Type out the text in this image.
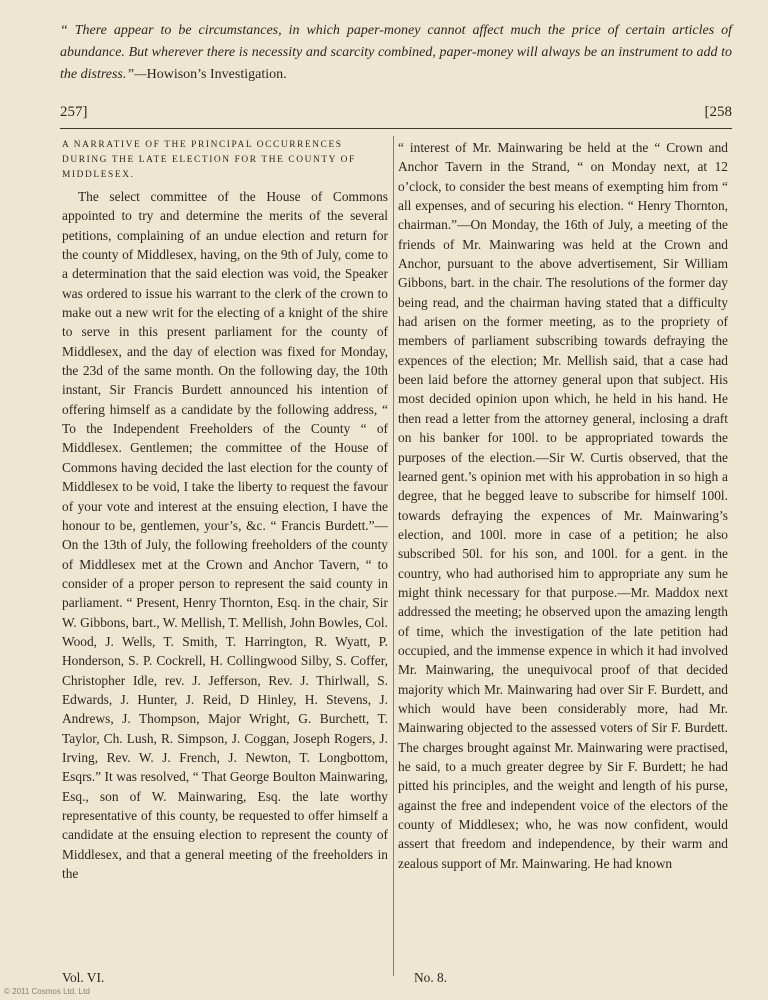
“ There appear to be circumstances, in which paper-money cannot affect much the price of certain articles of abundance. But wherever there is necessity and scarcity combined, paper-money will always be an instrument to add to the distress.”—Howison’s Investigation.
257]	[258

A NARRATIVE OF THE PRINCIPAL OCCURRENCES DURING THE LATE ELECTION FOR THE COUNTY OF MIDDLESEX.

The select committee of the House of Commons appointed to try and determine the merits of the several petitions, complaining of an undue election and return for the county of Middlesex, having, on the 9th of July, come to a determination that the said election was void, the Speaker was ordered to issue his warrant to the clerk of the crown to make out a new writ for the electing of a knight of the shire to serve in this present parliament for the county of Middlesex, and the day of election was fixed for Monday, the 23d of the same month. On the following day, the 10th instant, Sir Francis Burdett announced his intention of offering himself as a candidate by the following address, “ To the Independent Freeholders of the County “ of Middlesex. Gentlemen; the committee of the House of Commons having decided the last election for the county of Middlesex to be void, I take the liberty to request the favour of your vote and interest at the ensuing election, I have the honour to be, gentlemen, your’s, &c. “ Francis Burdett.”—On the 13th of July, the following freeholders of the county of Middlesex met at the Crown and Anchor Tavern, “ to consider of a proper person to represent the said county in parliament. “ Present, Henry Thornton, Esq. in the chair, Sir W. Gibbons, bart., W. Mellish, T. Mellish, John Bowles, Col. Wood, J. Wells, T. Smith, T. Harrington, R. Wyatt, P. Honderson, S. P. Cockrell, H. Collingwood Silby, S. Coffer, Christopher Idle, rev. J. Jefferson, Rev. J. Thirlwall, S. Edwards, J. Hunter, J. Reid, D Hinley, H. Stevens, J. Andrews, J. Thompson, Major Wright, G. Burchett, T. Taylor, Ch. Lush, R. Simpson, J. Coggan, Joseph Rogers, J. Irving, Rev. W. J. French, J. Newton, T. Longbottom, Esqrs.” It was resolved, “ That George Boulton Mainwaring, Esq., son of W. Mainwaring, Esq. the late worthy representative of this county, be requested to offer himself a candidate at the ensuing election to represent the county of Middlesex, and that a general meeting of the freeholders in the

“ interest of Mr. Mainwaring be held at the “ Crown and Anchor Tavern in the Strand, “ on Monday next, at 12 o’clock, to consider the best means of exempting him from “ all expenses, and of securing his election. “ Henry Thornton, chairman.”—On Monday, the 16th of July, a meeting of the friends of Mr. Mainwaring was held at the Crown and Anchor, pursuant to the above advertisement, Sir William Gibbons, bart. in the chair. The resolutions of the former day being read, and the chairman having stated that a difficulty had arisen on the former meeting, as to the propriety of members of parliament subscribing towards defraying the expences of the election; Mr. Mellish said, that a case had been laid before the attorney general upon that subject. His most decided opinion upon which, he held in his hand. He then read a letter from the attorney general, inclosing a draft on his banker for 100l. to be appropriated towards the purposes of the election.—Sir W. Curtis observed, that the learned gent.’s opinion met with his approbation in so high a degree, that he begged leave to subscribe for himself 100l. towards defraying the expences of Mr. Mainwaring’s election, and 100l. more in case of a petition; he also subscribed 50l. for his son, and 100l. for a gent. in the country, who had authorised him to appropriate any sum he might think necessary for that purpose.—Mr. Maddox next addressed the meeting; he observed upon the amazing length of time, which the investigation of the late petition had occupied, and the immense expence in which it had involved Mr. Mainwaring, the unequivocal proof of that decided majority which Mr. Mainwaring had over Sir F. Burdett, and which would have been considerably more, had Mr. Mainwaring objected to the assessed voters of Sir F. Burdett. The charges brought against Mr. Mainwaring were practised, he said, to a much greater degree by Sir F. Burdett; he had pitted his principles, and the weight and length of his purse, against the free and independent voice of the electors of the county of Middlesex; who, he was now confident, would assert that freedom and independence, by their warm and zealous support of Mr. Mainwaring. He had known

Vol. VI.	No. 8.
© 2011 Cosmos Ltd. Ltd
